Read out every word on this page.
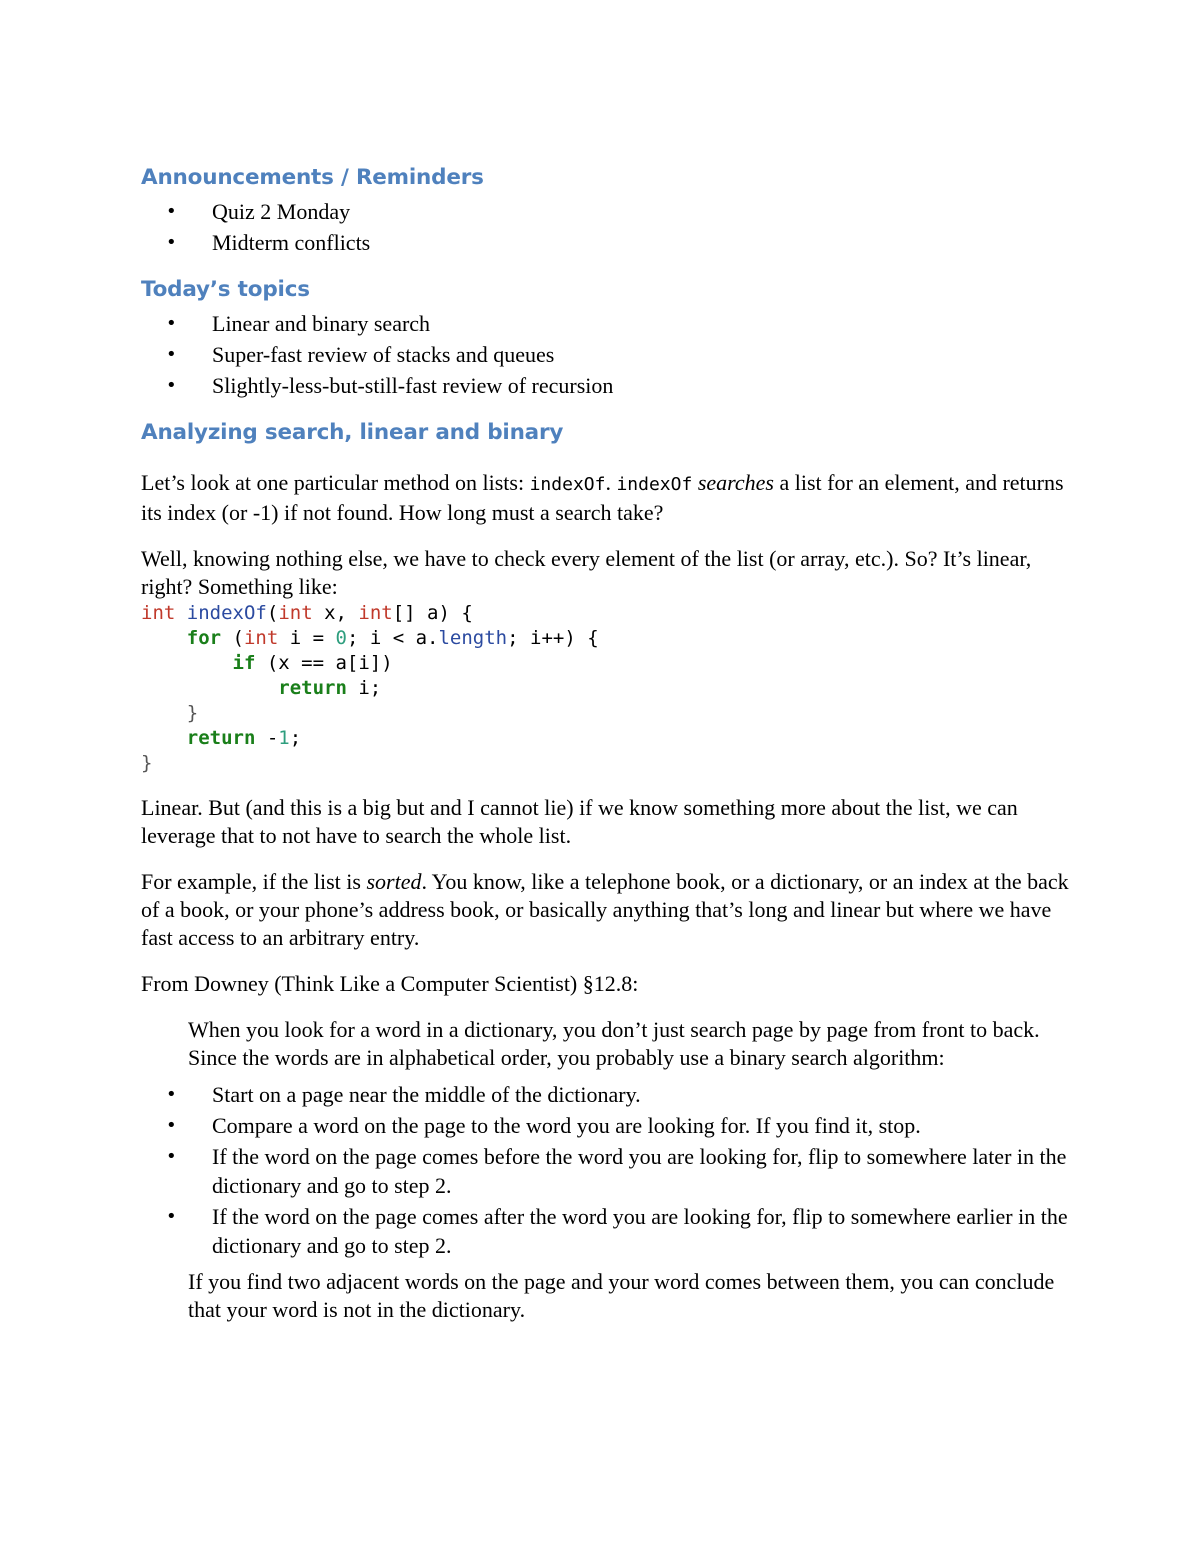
Announcements / Reminders
• Quiz 2 Monday
• Midterm conflicts
Today’s topics
• Linear and binary search
• Super-fast review of stacks and queues
• Slightly-less-but-still-fast review of recursion
Analyzing search, linear and binary

Let’s look at one particular method on lists: indexOf. indexOf searches a list for an element, and returns its index (or -1) if not found. How long must a search take?

Well, knowing nothing else, we have to check every element of the list (or array, etc.). So? It’s linear, right? Something like:

int indexOf(int x, int[] a) {
for (int i = 0; i < a.length; i++) {
if (x == a[i])
return i;
}
return -1;
}

Linear. But (and this is a big but and I cannot lie) if we know something more about the list, we can leverage that to not have to search the whole list.

For example, if the list is sorted. You know, like a telephone book, or a dictionary, or an index at the back of a book, or your phone’s address book, or basically anything that’s long and linear but where we have fast access to an arbitrary entry.

From Downey (Think Like a Computer Scientist) §12.8:

When you look for a word in a dictionary, you don’t just search page by page from front to back. Since the words are in alphabetical order, you probably use a binary search algorithm:

• Start on a page near the middle of the dictionary.
• Compare a word on the page to the word you are looking for. If you find it, stop.
• If the word on the page comes before the word you are looking for, flip to somewhere later in the dictionary and go to step 2.
• If the word on the page comes after the word you are looking for, flip to somewhere earlier in the dictionary and go to step 2.

If you find two adjacent words on the page and your word comes between them, you can conclude that your word is not in the dictionary.
